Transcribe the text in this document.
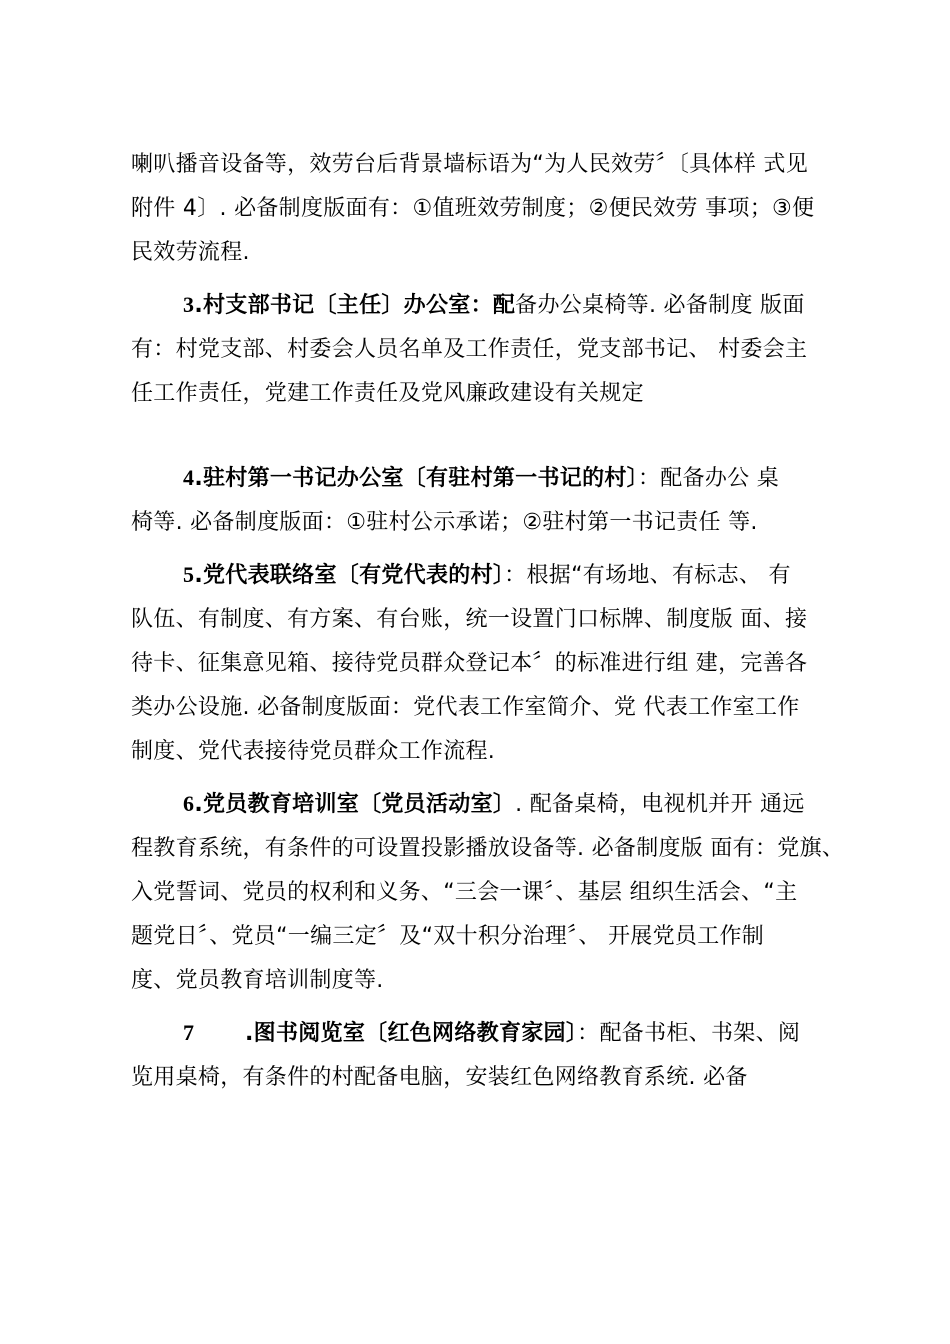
喇叭播音设备等，效劳台后背景墙标语为“为人民效劳〞〔具体样 式见
附件 4〕. 必备制度版面有：①值班效劳制度；②便民效劳 事项；③便
民效劳流程.
3.村支部书记〔主任〕办公室：配备办公桌椅等. 必备制度 版面
有：村党支部、村委会人员名单及工作责任，党支部书记、 村委会主
任工作责任，党建工作责任及党风廉政建设有关规定
4.驻村第一书记办公室〔有驻村第一书记的村〕：配备办公 桌
椅等. 必备制度版面：①驻村公示承诺；②驻村第一书记责任 等.
5.党代表联络室〔有党代表的村〕：根据“有场地、有标志、 有
队伍、有制度、有方案、有台账，统一设置门口标牌、制度版 面、接
待卡、征集意见箱、接待党员群众登记本〞的标准进行组 建，完善各
类办公设施. 必备制度版面：党代表工作室简介、党 代表工作室工作
制度、党代表接待党员群众工作流程.
6.党员教育培训室〔党员活动室〕. 配备桌椅，电视机并开 通远
程教育系统，有条件的可设置投影播放设备等. 必备制度版 面有：党旗、
入党誓词、党员的权利和义务、“三会一课〞、基层 组织生活会、“主
题党日〞、党员“一编三定〞及“双十积分治理〞、 开展党员工作制
度、党员教育培训制度等.
7 .图书阅览室〔红色网络教育家园〕：配备书柜、书架、阅
览用桌椅，有条件的村配备电脑，安装红色网络教育系统. 必备
